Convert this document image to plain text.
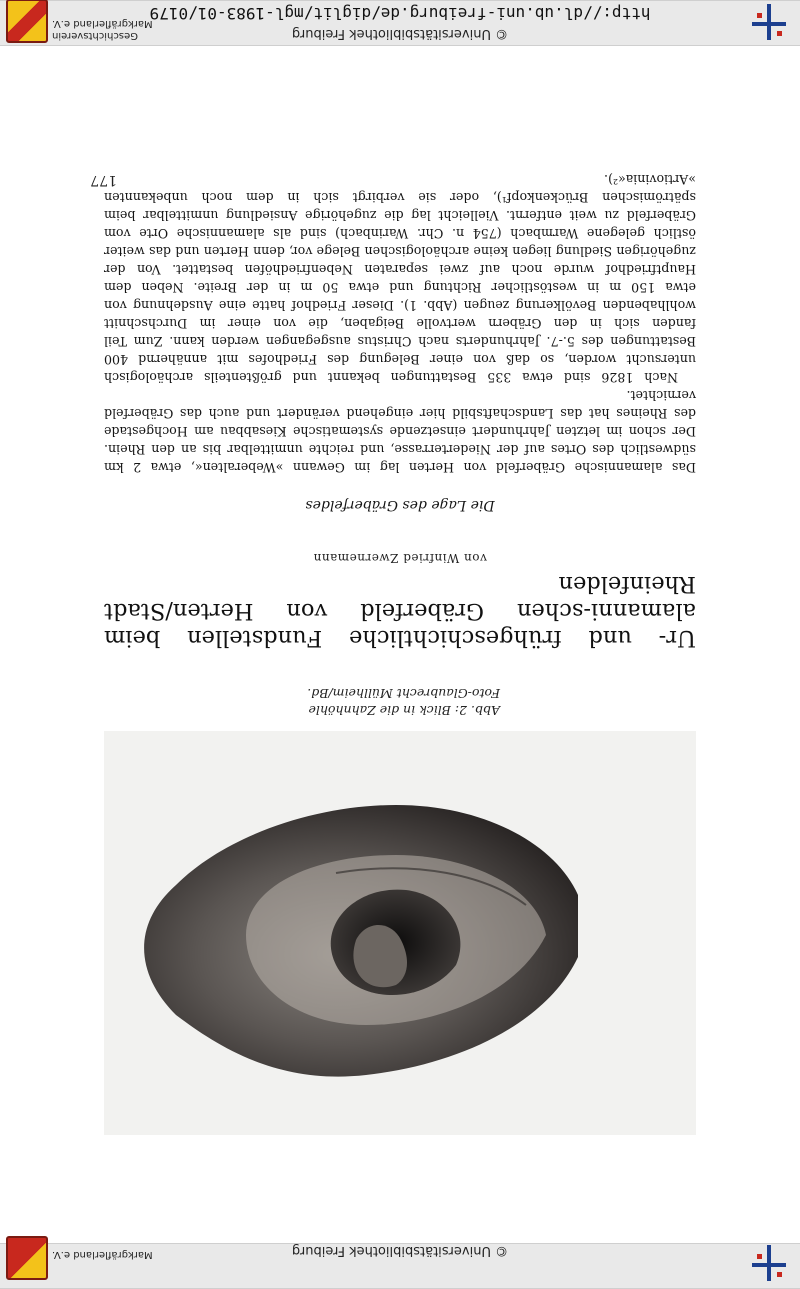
© Universitätsbibliothek Freiburg
Markgräflerland e.V.
© Universitätsbibliothek Freiburg
http://dl.ub.uni-freiburg.de/diglit/mgl-1983-01/0179
Geschichtsverein
Markgräflerland e.V.
Abb. 2: Blick in die Zahnhöhle
Foto-Glaubrecht Müllheim/Bd.
Ur- und frühgeschichtliche Fundstellen beim alamanni-schen Gräberfeld von Herten/Stadt Rheinfelden
von Winfried Zwernemann
Die Lage des Gräberfeldes

Das alamannische Gräberfeld von Herten lag im Gewann »Weberalten«, etwa 2 km südwestlich des Ortes auf der Niederterrasse, und reichte unmittelbar bis an den Rhein. Der schon im letzten Jahrhundert einsetzende systematische Kiesabbau am Hochgestade des Rheines hat das Landschaftsbild hier eingehend verändert und auch das Gräberfeld vernichtet.

Nach 1826 sind etwa 335 Bestattungen bekannt und größtenteils archäologisch untersucht worden, so daß von einer Belegung des Friedhofes mit annähernd 400 Bestattungen des 5.-7. Jahrhunderts nach Christus ausgegangen werden kann. Zum Teil fanden sich in den Gräbern wertvolle Beigaben, die von einer im Durchschnitt wohlhabenden Bevölkerung zeugen (Abb. 1). Dieser Friedhof hatte eine Ausdehnung von etwa 150 m in westöstlicher Richtung und etwa 50 m in der Breite. Neben dem Hauptfriedhof wurde noch auf zwei separaten Nebenfriedhöfen bestattet. Von der zugehörigen Siedlung liegen keine archäologischen Belege vor, denn Herten und das weiter östlich gelegene Warmbach (754 n. Chr. Warinbach) sind als alamannische Orte vom Gräberfeld zu weit entfernt. Vielleicht lag die zugehörige Ansiedlung unmittelbar beim spätrömischen Brückenkopf¹), oder sie verbirgt sich in dem noch unbekannten »Artiovinia«²).

177
